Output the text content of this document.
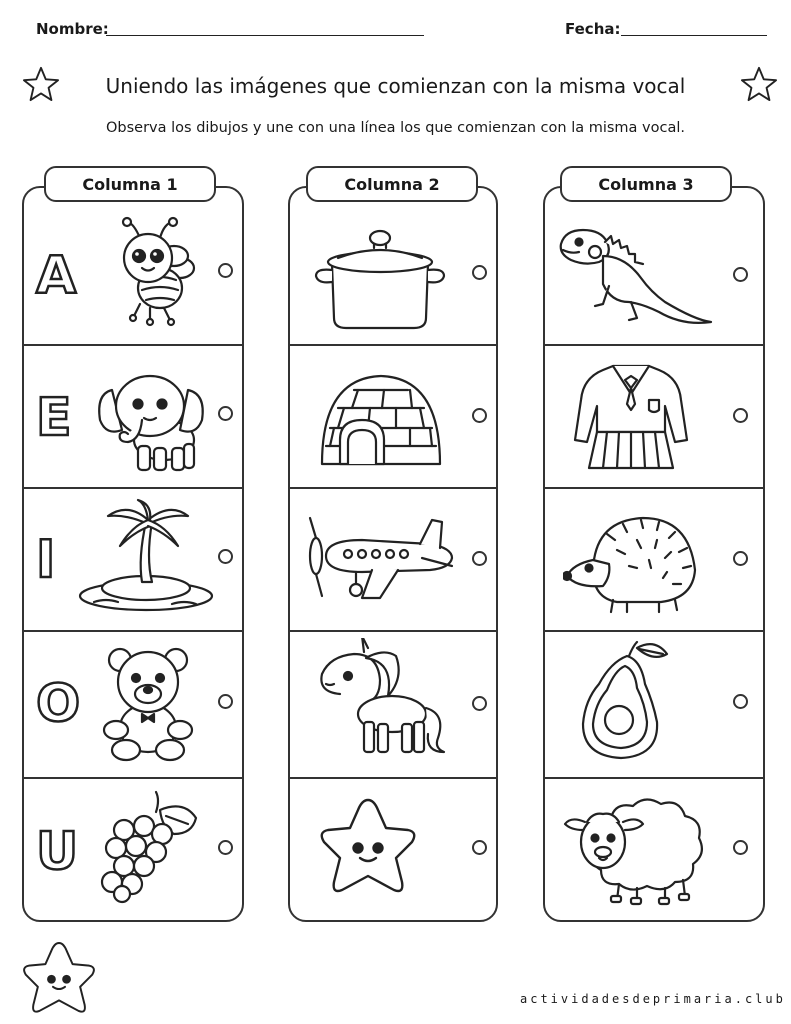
Nombre:	Fecha:
Uniendo las imágenes que comienzan con la misma vocal
Observa los dibujos y une con una línea los que comienzan con la misma vocal.
Columna 1
A
E
I
O
U
Columna 2	Columna 3
actividadesdeprimaria.club
